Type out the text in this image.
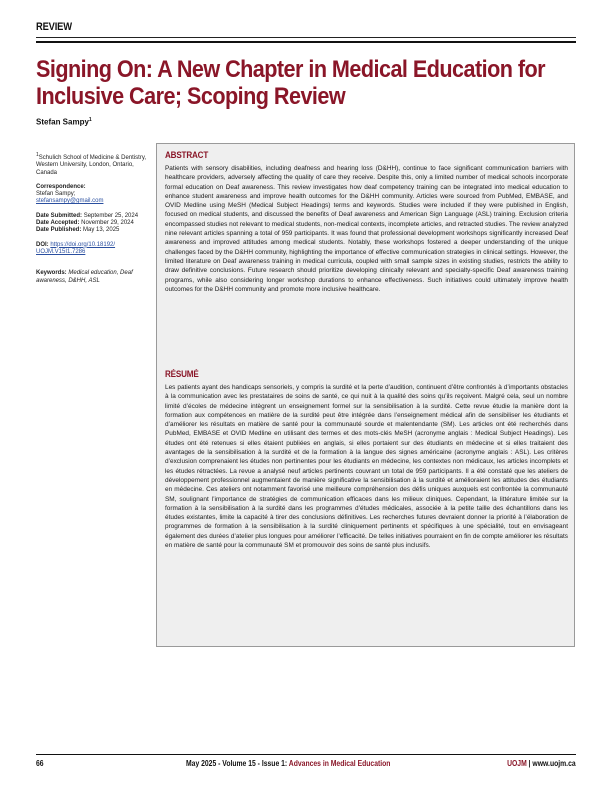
REVIEW
Signing On: A New Chapter in Medical Education for
Inclusive Care; Scoping Review
Stefan Sampy$^1$
$^1$Schulich School of Medicine & Dentistry, Western University, London, Ontario, Canada
Correspondence:
Stefan Sampy;
stefansampy@gmail.com
Date Submitted: September 25, 2024
Date Accepted: November 29, 2024
Date Published: May 13, 2025
DOI: https://doi.org/10.18192/
UOJM.V15I1.7286
Keywords: Medical education, Deaf awareness, D&HH, ASL
ABSTRACT

Patients with sensory disabilities, including deafness and hearing loss (D&HH), continue to face significant communication barriers with healthcare providers, adversely affecting the quality of care they receive. Despite this, only a limited number of medical schools incorporate formal education on Deaf awareness. This review investigates how deaf competency training can be integrated into medical education to enhance student awareness and improve health outcomes for the D&HH community. Articles were sourced from PubMed, EMBASE, and OVID Medline using MeSH (Medical Subject Headings) terms and keywords. Studies were included if they were published in English, focused on medical students, and discussed the benefits of Deaf awareness and American Sign Language (ASL) training. Exclusion criteria encompassed studies not relevant to medical students, non-medical contexts, incomplete articles, and retracted studies. The review analyzed nine relevant articles spanning a total of 959 participants. It was found that professional development workshops significantly increased Deaf awareness and improved attitudes among medical students. Notably, these workshops fostered a deeper understanding of the unique challenges faced by the D&HH community, highlighting the importance of effective communication strategies in clinical settings. However, the limited literature on Deaf awareness training in medical curricula, coupled with small sample sizes in existing studies, restricts the ability to draw definitive conclusions. Future research should prioritize developing clinically relevant and specialty-specific Deaf awareness training programs, while also considering longer workshop durations to enhance effectiveness. Such initiatives could ultimately improve health outcomes for the D&HH community and promote more inclusive healthcare.

RÉSUMÉ

Les patients ayant des handicaps sensoriels, y compris la surdité et la perte d’audition, continuent d’être confrontés à d’importants obstacles à la communication avec les prestataires de soins de santé, ce qui nuit à la qualité des soins qu’ils reçoivent. Malgré cela, seul un nombre limité d’écoles de médecine intègrent un enseignement formel sur la sensibilisation à la surdité. Cette revue étudie la manière dont la formation aux compétences en matière de la surdité peut être intégrée dans l’enseignement médical afin de sensibiliser les étudiants et d’améliorer les résultats en matière de santé pour la communauté sourde et malentendante (SM). Les articles ont été recherchés dans PubMed, EMBASE et OVID Medline en utilisant des termes et des mots-clés MeSH (acronyme anglais : Medical Subject Headings). Les études ont été retenues si elles étaient publiées en anglais, si elles portaient sur des étudiants en médecine et si elles traitaient des avantages de la sensibilisation à la surdité et de la formation à la langue des signes américaine (acronyme anglais : ASL). Les critères d’exclusion comprenaient les études non pertinentes pour les étudiants en médecine, les contextes non médicaux, les articles incomplets et les études rétractées. La revue a analysé neuf articles pertinents couvrant un total de 959 participants. Il a été constaté que les ateliers de développement professionnel augmentaient de manière significative la sensibilisation à la surdité et amélioraient les attitudes des étudiants en médecine. Ces ateliers ont notamment favorisé une meilleure compréhension des défis uniques auxquels est confrontée la communauté SM, soulignant l’importance de stratégies de communication efficaces dans les milieux cliniques. Cependant, la littérature limitée sur la formation à la sensibilisation à la surdité dans les programmes d’études médicales, associée à la petite taille des échantillons dans les études existantes, limite la capacité à tirer des conclusions définitives. Les recherches futures devraient donner la priorité à l’élaboration de programmes de formation à la sensibilisation à la surdité cliniquement pertinents et spécifiques à une spécialité, tout en envisageant également des durées d’atelier plus longues pour améliorer l’efficacité. De telles initiatives pourraient en fin de compte améliorer les résultats en matière de santé pour la communauté SM et promouvoir des soins de santé plus inclusifs.

66	May 2025 - Volume 15 - Issue 1: Advances in Medical Education	UOJM | www.uojm.ca
